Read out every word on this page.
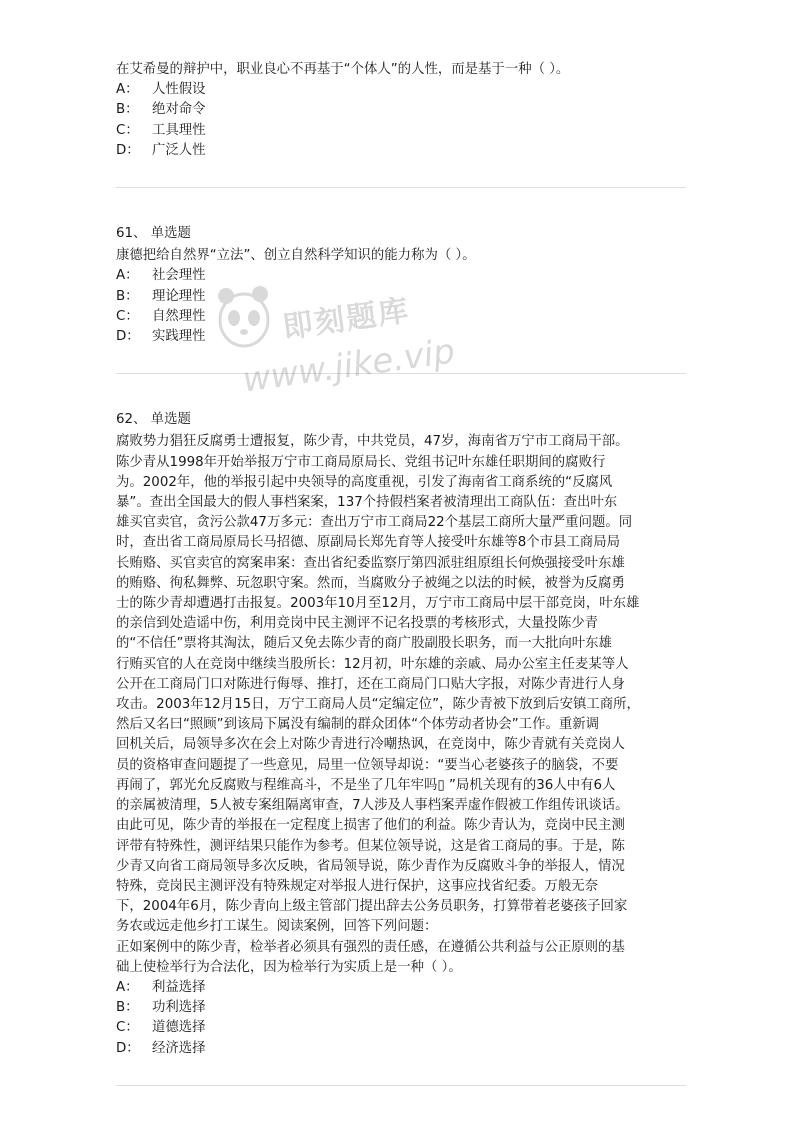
在艾希曼的辩护中，职业良心不再基于“个体人”的人性，而是基于一种（ ）。

A：	人性假设
B：	绝对命令
C： 工具理性
D： 广泛人性
61、 单选题

康德把给自然界“立法”、创立自然科学知识的能力称为（ ）。

A：	社会理性
B：	理论理性
C： 自然理性
D： 实践理性
62、 单选题
腐败势力猖狂反腐勇士遭报复，陈少青，中共党员，47岁，海南省万宁市工商局干部。
陈少青从1998年开始举报万宁市工商局原局长、党组书记叶东雄任职期间的腐败行
为。2002年，他的举报引起中央领导的高度重视，引发了海南省工商系统的“反腐风
暴”。查出全国最大的假人事档案案，137个持假档案者被清理出工商队伍：查出叶东
雄买官卖官，贪污公款47万多元：查出万宁市工商局22个基层工商所大量严重问题。同
时，查出省工商局原局长马招德、原副局长郑先育等人接受叶东雄等8个市县工商局局
长贿赂、买官卖官的窝案串案：查出省纪委监察厅第四派驻组原组长何焕强接受叶东雄
的贿赂、徇私舞弊、玩忽职守案。然而，当腐败分子被绳之以法的时候，被誉为反腐勇
士的陈少青却遭遇打击报复。2003年10月至12月，万宁市工商局中层干部竞岗，叶东雄
的亲信到处造谣中伤，利用竞岗中民主测评不记名投票的考核形式，大量投陈少青
的“不信任”票将其淘汰，随后又免去陈少青的商广股副股长职务，而一大批向叶东雄
行贿买官的人在竞岗中继续当股所长：12月初，叶东雄的亲戚、局办公室主任麦某等人
公开在工商局门口对陈进行侮辱、推打，还在工商局门口贴大字报，对陈少青进行人身
攻击。2003年12月15日，万宁工商局人员“定编定位”，陈少青被下放到后安镇工商所，
然后又名曰“照顾”到该局下属没有编制的群众团体“个体劳动者协会”工作。重新调
回机关后，局领导多次在会上对陈少青进行冷嘲热讽，在竞岗中，陈少青就有关竞岗人
员的资格审查问题提了一些意见，局里一位领导却说：“要当心老婆孩子的脑袋，不要
再闹了，郭光允反腐败与程维高斗，不是坐了几年牢吗▯ ”局机关现有的36人中有6人
的亲属被清理，5人被专案组隔离审查，7人涉及人事档案弄虚作假被工作组传讯谈话。
由此可见，陈少青的举报在一定程度上损害了他们的利益。陈少青认为，竞岗中民主测
评带有特殊性，测评结果只能作为参考。但某位领导说，这是省工商局的事。于是，陈
少青又向省工商局领导多次反映，省局领导说，陈少青作为反腐败斗争的举报人，情况
特殊，竞岗民主测评没有特殊规定对举报人进行保护，这事应找省纪委。万般无奈
下，2004年6月，陈少青向上级主管部门提出辞去公务员职务，打算带着老婆孩子回家
务农或远走他乡打工谋生。阅读案例，回答下列问题：
正如案例中的陈少青，检举者必须具有强烈的责任感，在遵循公共利益与公正原则的基
础上使检举行为合法化，因为检举行为实质上是一种（ ）。
A：	利益选择
B：	功利选择
C： 道德选择
D： 经济选择
即刻题库
www.jike.vip
